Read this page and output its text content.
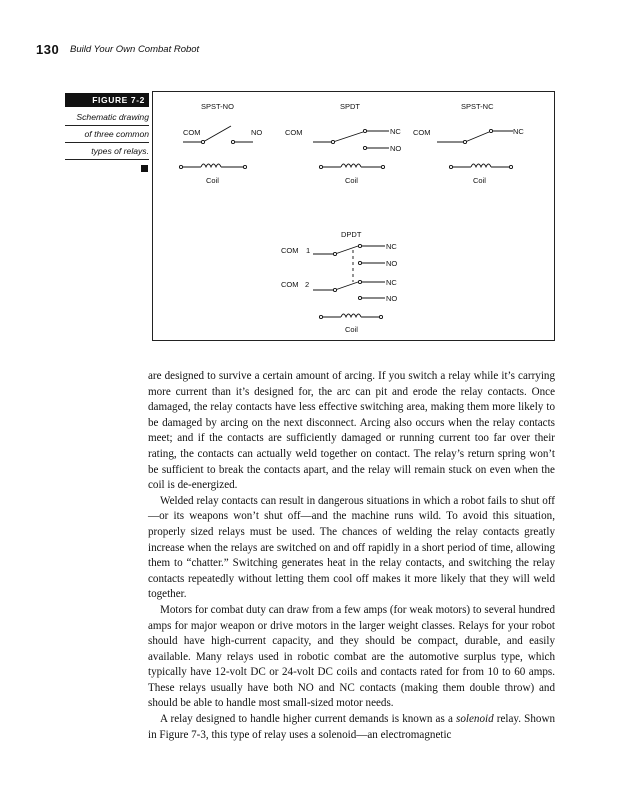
130 Build Your Own Combat Robot
FIGURE 7-2
Schematic drawing
of three common
types of relays.
SPST-NO
COM	NO
Coil
SPDT
COM	NC
NO
Coil
SPST-NC
COM	NC
Coil
DPDT
COM 1
COM 2
NC
NO
NC
NO
Coil

are designed to survive a certain amount of arcing. If you switch a relay while it’s carrying more current than it’s designed for, the arc can pit and erode the relay contacts. Once damaged, the relay contacts have less effective switching area, making them more likely to be damaged by arcing on the next disconnect. Arcing also occurs when the relay contacts meet; and if the contacts are sufficiently damaged or running current too far over their rating, the contacts can actually weld together on contact. The relay’s return spring won’t be sufficient to break the contacts apart, and the relay will remain stuck on even when the coil is de-energized.

Welded relay contacts can result in dangerous situations in which a robot fails to shut off—or its weapons won’t shut off—and the machine runs wild. To avoid this situation, properly sized relays must be used. The chances of welding the relay contacts greatly increase when the relays are switched on and off rapidly in a short period of time, allowing them to “chatter.” Switching generates heat in the relay contacts, and switching the relay contacts repeatedly without letting them cool off makes it more likely that they will weld together.

Motors for combat duty can draw from a few amps (for weak motors) to several hundred amps for major weapon or drive motors in the larger weight classes. Relays for your robot should have high-current capacity, and they should be compact, durable, and easily available. Many relays used in robotic combat are the automotive surplus type, which typically have 12-volt DC or 24-volt DC coils and contacts rated for from 10 to 60 amps. These relays usually have both NO and NC contacts (making them double throw) and should be able to handle most small-sized motor needs.

A relay designed to handle higher current demands is known as a solenoid relay. Shown in Figure 7-3, this type of relay uses a solenoid—an electromagnetic
